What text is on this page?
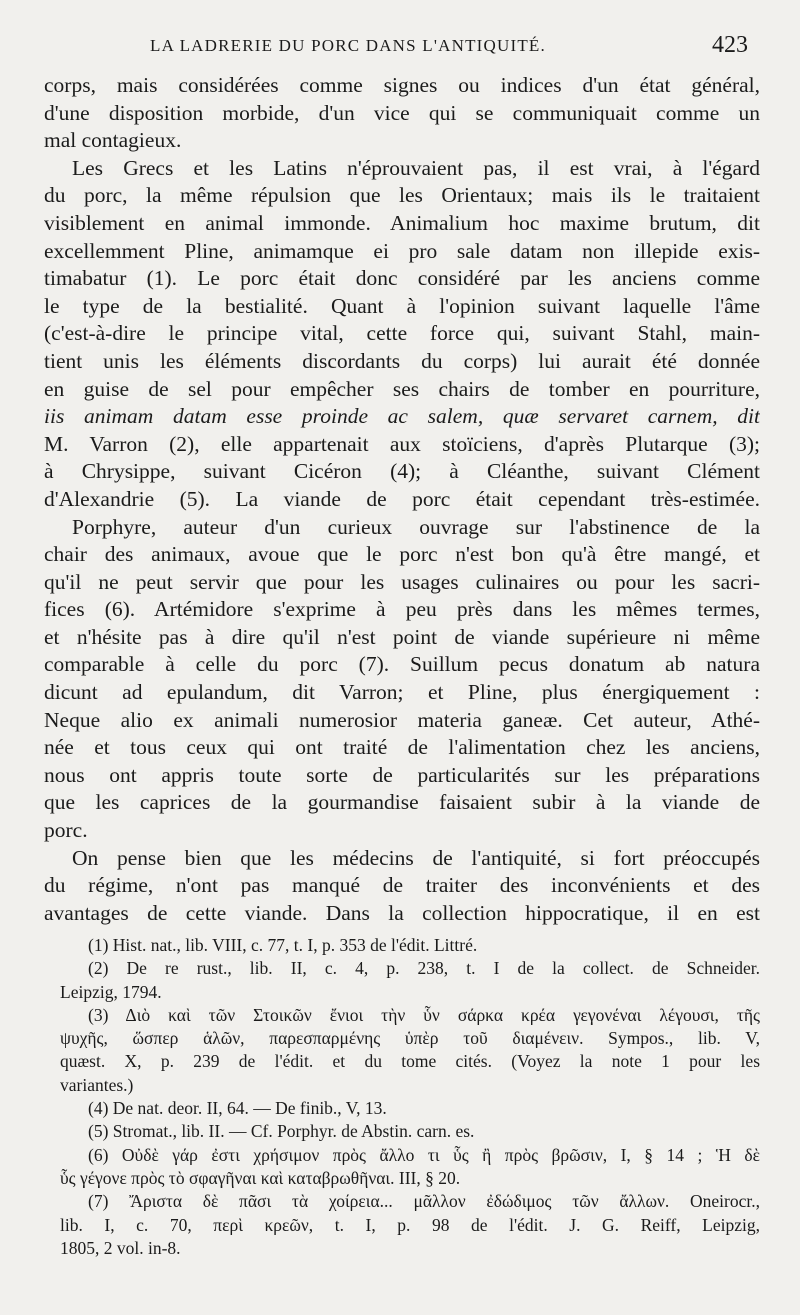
LA LADRERIE DU PORC DANS L'ANTIQUITÉ.	423
corps, mais considérées comme signes ou indices d'un état général,
d'une disposition morbide, d'un vice qui se communiquait comme un
mal contagieux.
Les Grecs et les Latins n'éprouvaient pas, il est vrai, à l'égard
du porc, la même répulsion que les Orientaux; mais ils le traitaient
visiblement en animal immonde. Animalium hoc maxime brutum, dit
excellemment Pline, animamque ei pro sale datam non illepide exis-
timabatur (1). Le porc était donc considéré par les anciens comme
le type de la bestialité. Quant à l'opinion suivant laquelle l'âme
(c'est-à-dire le principe vital, cette force qui, suivant Stahl, main-
tient unis les éléments discordants du corps) lui aurait été donnée
en guise de sel pour empêcher ses chairs de tomber en pourriture,
iis animam datam esse proinde ac salem, quæ servaret carnem, dit
M. Varron (2), elle appartenait aux stoïciens, d'après Plutarque (3);
à Chrysippe, suivant Cicéron (4); à Cléanthe, suivant Clément
d'Alexandrie (5). La viande de porc était cependant très-estimée.
Porphyre, auteur d'un curieux ouvrage sur l'abstinence de la
chair des animaux, avoue que le porc n'est bon qu'à être mangé, et
qu'il ne peut servir que pour les usages culinaires ou pour les sacri-
fices (6). Artémidore s'exprime à peu près dans les mêmes termes,
et n'hésite pas à dire qu'il n'est point de viande supérieure ni même
comparable à celle du porc (7). Suillum pecus donatum ab natura
dicunt ad epulandum, dit Varron; et Pline, plus énergiquement :
Neque alio ex animali numerosior materia ganeæ. Cet auteur, Athé-
née et tous ceux qui ont traité de l'alimentation chez les anciens,
nous ont appris toute sorte de particularités sur les préparations
que les caprices de la gourmandise faisaient subir à la viande de
porc.
On pense bien que les médecins de l'antiquité, si fort préoccupés
du régime, n'ont pas manqué de traiter des inconvénients et des
avantages de cette viande. Dans la collection hippocratique, il en est
(1) Hist. nat., lib. VIII, c. 77, t. I, p. 353 de l'édit. Littré.
(2) De re rust., lib. II, c. 4, p. 238, t. I de la collect. de Schneider.
Leipzig, 1794.
(3) Διὸ καὶ τῶν Στοικῶν ἔνιοι τὴν ὗν σάρκα κρέα γεγονέναι λέγουσι, τῆς
ψυχῆς, ὥσπερ ἁλῶν, παρεσπαρμένης ὑπὲρ τοῦ διαμένειν. Sympos., lib. V,
quæst. X, p. 239 de l'édit. et du tome cités. (Voyez la note 1 pour les
variantes.)
(4) De nat. deor. II, 64. — De finib., V, 13.
(5) Stromat., lib. II. — Cf. Porphyr. de Abstin. carn. es.
(6) Οὐδὲ γάρ ἐστι χρήσιμον πρὸς ἄλλο τι ὗς ἢ πρὸς βρῶσιν, I, § 14 ; Ἡ δὲ
ὗς γέγονε πρὸς τὸ σφαγῆναι καὶ καταβρωθῆναι. III, § 20.
(7) Ἄριστα δὲ πᾶσι τὰ χοίρεια... μᾶλλον ἐδώδιμος τῶν ἄλλων. Oneirocr.,
lib. I, c. 70, περὶ κρεῶν, t. I, p. 98 de l'édit. J. G. Reiff, Leipzig,
1805, 2 vol. in-8.
